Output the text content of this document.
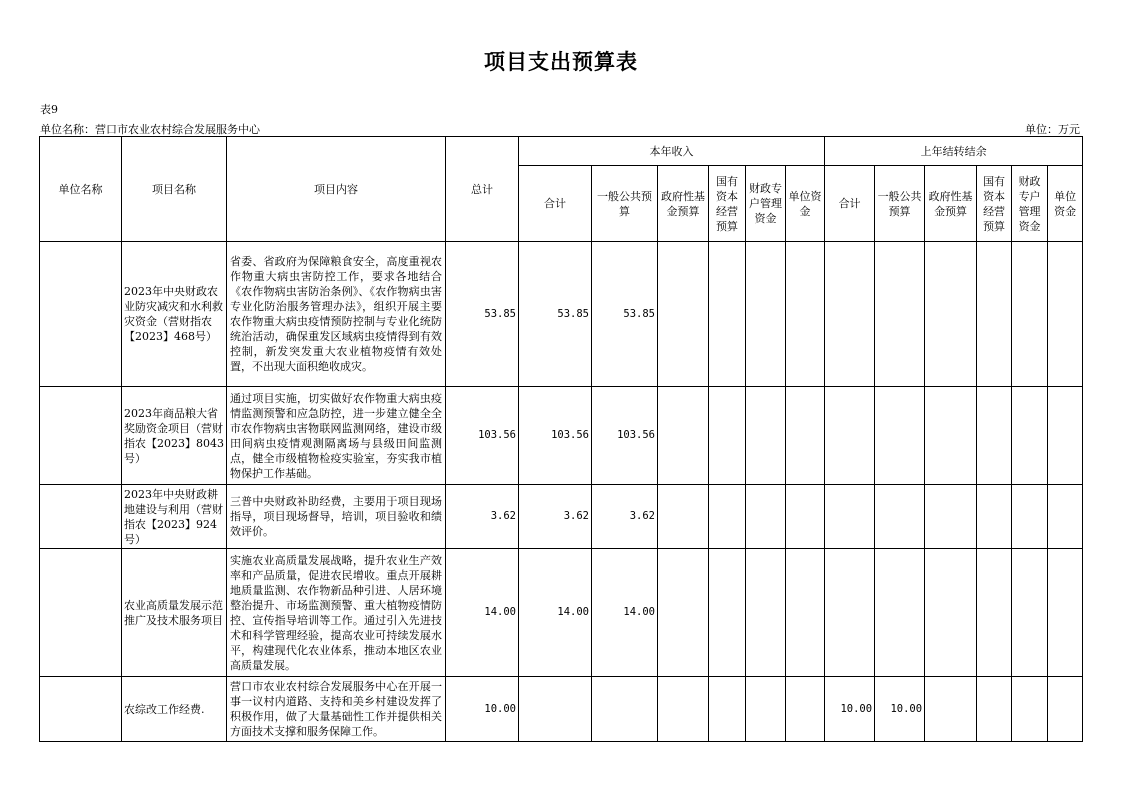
项目支出预算表
表9
单位名称：营口市农业农村综合发展服务中心	单位：万元
单位名称	项目名称	项目内容	总计	本年收入						上年结转结余					
				合计	一般公共预算	政府性基金预算	国有资本经营预算	财政专户管理资金	单位资金	合计	一般公共预算	政府性基金预算	国有资本经营预算	财政专户管理资金	单位资金
	2023年中央财政农业防灾减灾和水利救灾资金（营财指农【2023】468号）	省委、省政府为保障粮食安全，高度重视农作物重大病虫害防控工作，要求各地结合《农作物病虫害防治条例》、《农作物病虫害专业化防治服务管理办法》，组织开展主要农作物重大病虫疫情预防控制与专业化统防统治活动，确保重发区域病虫疫情得到有效控制，新发突发重大农业植物疫情有效处置，不出现大面积绝收成灾。	53.85	53.85	53.85										
	2023年商品粮大省奖励资金项目（营财指农【2023】8043号）	通过项目实施，切实做好农作物重大病虫疫情监测预警和应急防控，进一步建立健全全市农作物病虫害物联网监测网络，建设市级田间病虫疫情观测隔离场与县级田间监测点，健全市级植物检疫实验室，夯实我市植物保护工作基础。	103.56	103.56	103.56										
	2023年中央财政耕地建设与利用（营财指农【2023】924号）	三普中央财政补助经费，主要用于项目现场指导，项目现场督导，培训，项目验收和绩效评价。	3.62	3.62	3.62										
	农业高质量发展示范推广及技术服务项目	实施农业高质量发展战略，提升农业生产效率和产品质量，促进农民增收。重点开展耕地质量监测、农作物新品种引进、人居环境整治提升、市场监测预警、重大植物疫情防控、宣传指导培训等工作。通过引入先进技术和科学管理经验，提高农业可持续发展水平，构建现代化农业体系，推动本地区农业高质量发展。	14.00	14.00	14.00										
	农综改工作经费.	营口市农业农村综合发展服务中心在开展一事一议村内道路、支持和美乡村建设发挥了积极作用，做了大量基础性工作并提供相关方面技术支撑和服务保障工作。	10.00							10.00	10.00				
